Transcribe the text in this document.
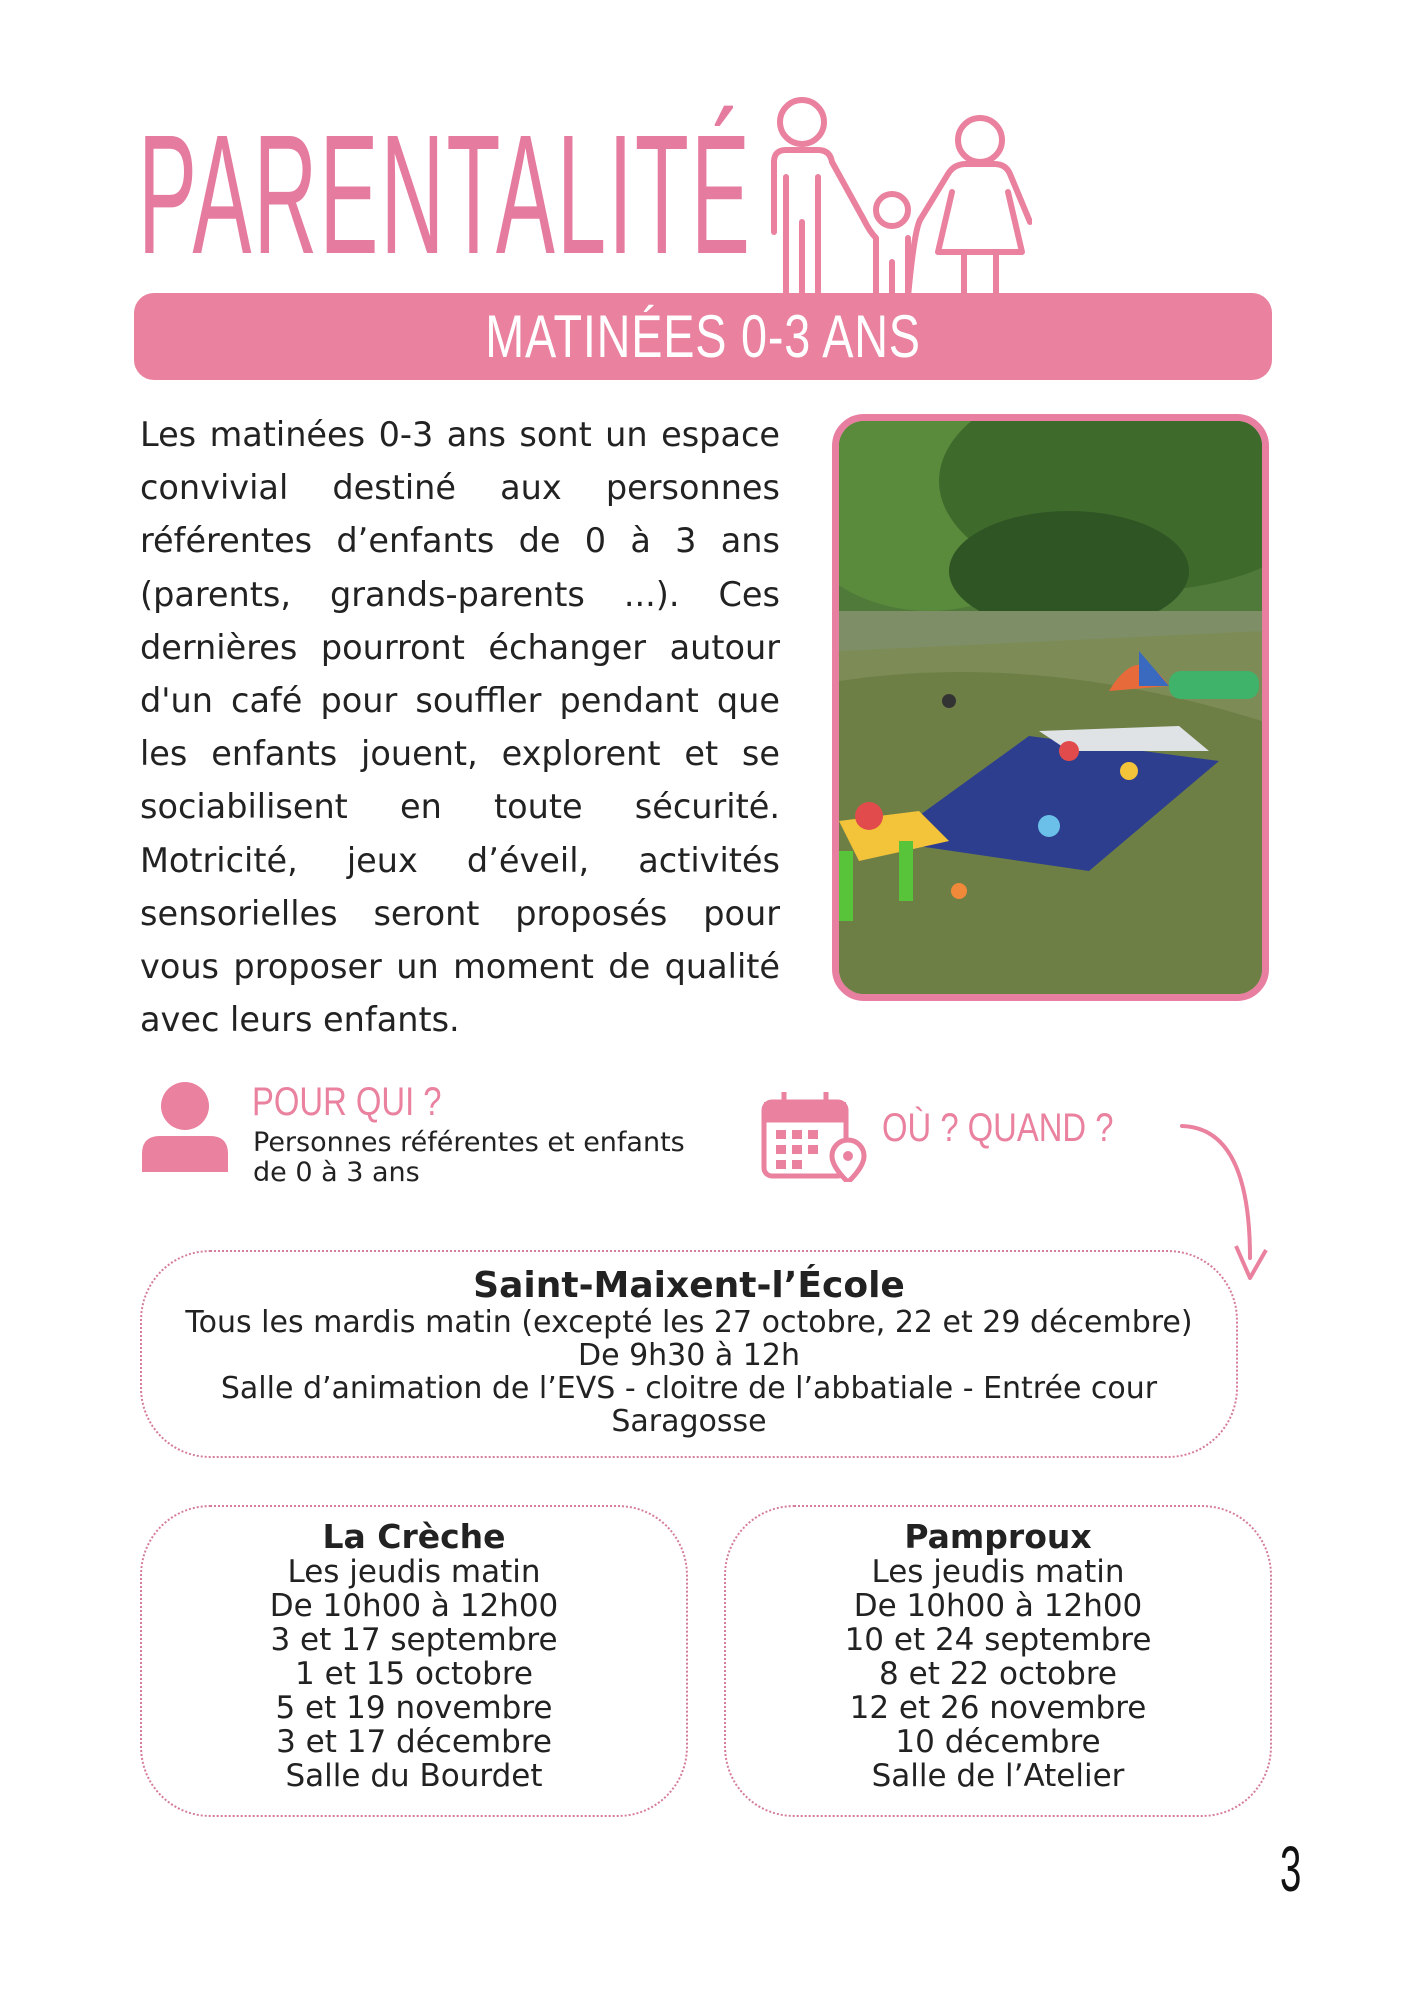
PARENTALITÉ
MATINÉES 0-3 ANS
Les matinées 0-3 ans sont un espace convivial destiné aux personnes référentes d’enfants de 0 à 3 ans (parents, grands-parents ...). Ces dernières pourront échanger autour d'un café pour souffler pendant que les enfants jouent, explorent et se sociabilisent en toute sécurité. Motricité, jeux d’éveil, activités sensorielles seront proposés pour vous proposer un moment de qualité avec leurs enfants.
POUR QUI ?
Personnes référentes et enfants
de 0 à 3 ans
OÙ ? QUAND ?
Saint-Maixent-l’École
Tous les mardis matin (excepté les 27 octobre, 22 et 29 décembre)
De 9h30 à 12h
Salle d’animation de l’EVS - cloitre de l’abbatiale - Entrée cour
Saragosse
La Crèche
Les jeudis matin
De 10h00 à 12h00
3 et 17 septembre
1 et 15 octobre
5 et 19 novembre
3 et 17 décembre
Salle du Bourdet
Pamproux
Les jeudis matin
De 10h00 à 12h00
10 et 24 septembre
8 et 22 octobre
12 et 26 novembre
10 décembre
Salle de l’Atelier
3
